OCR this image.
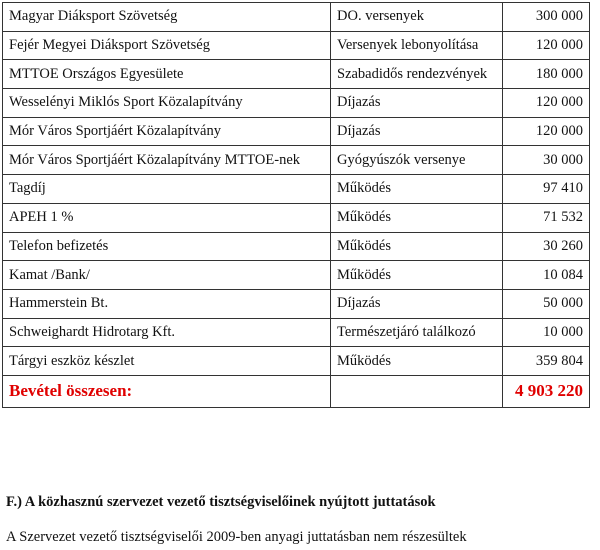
Magyar Diáksport Szövetség	DO. versenyek	300 000
Fejér Megyei Diáksport Szövetség	Versenyek lebonyolítása	120 000
MTTOE Országos Egyesülete	Szabadidős rendezvények	180 000
Wesselényi Miklós Sport Közalapítvány	Díjazás	120 000
Mór Város Sportjáért Közalapítvány	Díjazás	120 000
Mór Város Sportjáért Közalapítvány MTTOE-nek	Gyógyúszók versenye	30 000
Tagdíj	Működés	97 410
APEH 1 %	Működés	71 532
Telefon befizetés	Működés	30 260
Kamat /Bank/	Működés	10 084
Hammerstein Bt.	Díjazás	50 000
Schweighardt Hidrotarg Kft.	Természetjáró találkozó	10 000
Tárgyi eszköz készlet	Működés	359 804
Bevétel összesen:		4 903 220

F.) A közhasznú szervezet vezető tisztségviselőinek nyújtott juttatások

A Szervezet vezető tisztségviselői 2009-ben anyagi juttatásban nem részesültek
